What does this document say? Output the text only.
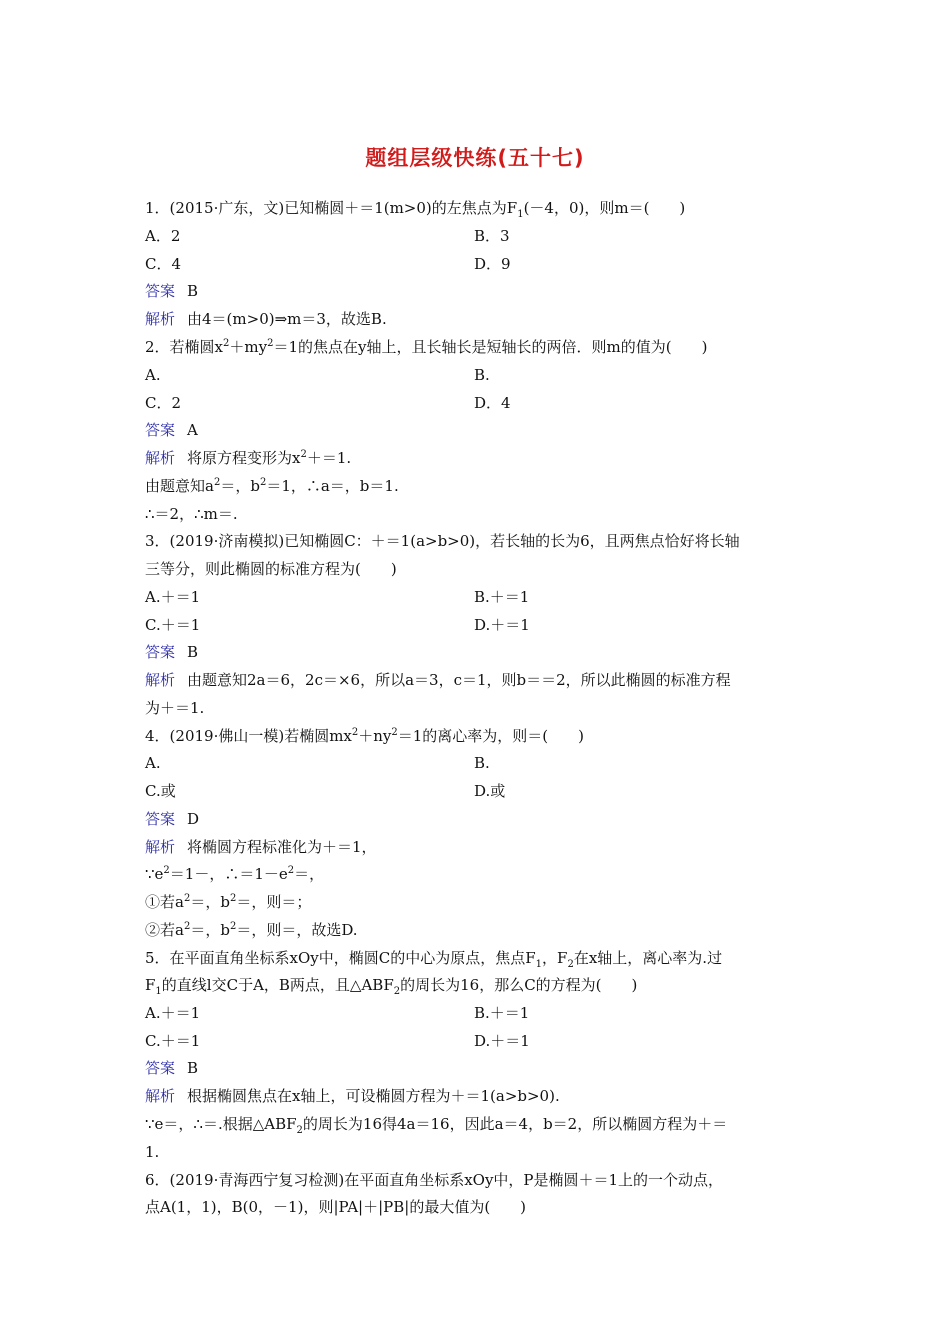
题组层级快练(五十七)
1．(2015·广东，文)已知椭圆＋＝1(m>0)的左焦点为$F_1(-4$，0)，则m＝(　　)
A．2	B．3
C．4	D．9
答案 B
解析 由4＝(m>0)⇒m＝3，故选B.
2．若椭圆$x^2+my^2=1$的焦点在y轴上，且长轴长是短轴长的两倍．则m的值为(　　)
A.	B.
C．2	D．4
答案 A
解析 将原方程变形为$x^2+=1$.
由题意知$a^2=$，$b^2=1$，∴a＝，b＝1.
∴＝2，∴m＝.
3．(2019·济南模拟)已知椭圆C：＋＝1(a>b>0)，若长轴的长为6，且两焦点恰好将长轴
三等分，则此椭圆的标准方程为(　　)
A.＋＝1	B.＋＝1
C.＋＝1	D.＋＝1
答案 B
解析 由题意知2a＝6，2c＝×6，所以a＝3，c＝1，则b＝＝2，所以此椭圆的标准方程
为＋＝1.
4．(2019·佛山一模)若椭圆$mx^2+ny^2=1$的离心率为，则＝(　　)
A.	B.
C.或	D.或
答案 D
解析 将椭圆方程标准化为＋＝1，
$\because e^2=1-$，$\therefore=1-e^2=$，
①若$a^2=$，$b^2=$，则＝；
②若$a^2=$，$b^2=$，则＝，故选D.
5．在平面直角坐标系xOy中，椭圆C的中心为原点，焦点$F_1$，$F_2$在x轴上，离心率为.过
$F_1$的直线l交C于A，B两点，且$\triangle ABF_2$的周长为16，那么C的方程为(　　)
A.＋＝1	B.＋＝1
C.＋＝1	D.＋＝1
答案 B
解析 根据椭圆焦点在x轴上，可设椭圆方程为＋＝1(a>b>0).
∵e＝，∴＝.根据$\triangle ABF_2$的周长为16得4a＝16，因此a＝4，b＝2，所以椭圆方程为＋＝
1.
6．(2019·青海西宁复习检测)在平面直角坐标系xOy中，P是椭圆＋＝1上的一个动点，
点A(1，1)，B(0，－1)，则|PA|＋|PB|的最大值为(　　)
